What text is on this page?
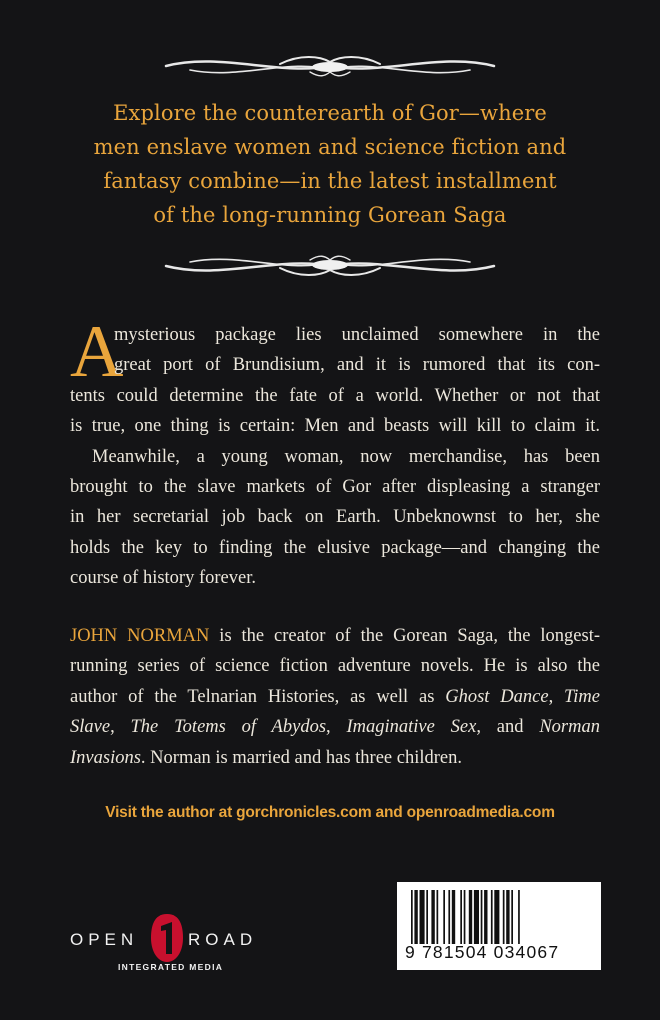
Explore the counterearth of Gor—where
men enslave women and science fiction and
fantasy combine—in the latest installment
of the long-running Gorean Saga
A
mysterious package lies unclaimed somewhere in the
great port of Brundisium, and it is rumored that its con-
tents could determine the fate of a world. Whether or not that
is true, one thing is certain: Men and beasts will kill to claim it.
Meanwhile, a young woman, now merchandise, has been
brought to the slave markets of Gor after displeasing a stranger
in her secretarial job back on Earth. Unbeknownst to her, she
holds the key to finding the elusive package—and changing the
course of history forever.
JOHN NORMAN is the creator of the Gorean Saga, the longest-
running series of science fiction adventure novels. He is also the
author of the Telnarian Histories, as well as Ghost Dance, Time
Slave, The Totems of Abydos, Imaginative Sex, and Norman
Invasions. Norman is married and has three children.
Visit the author at gorchronicles.com and openroadmedia.com
OPEN	ROAD
INTEGRATED MEDIA
9 781504 034067
